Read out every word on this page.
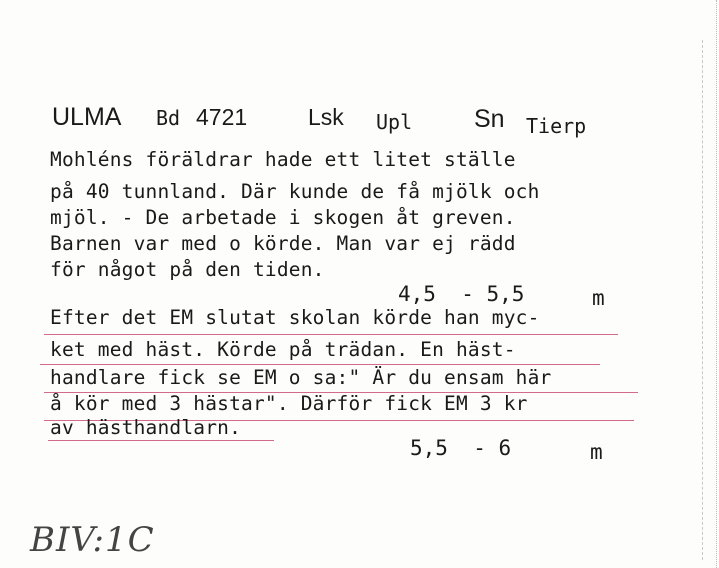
ULMA Bd 4721	Lsk Upl Sn Tierp
Mohléns föräldrar hade ett litet ställe
på 40 tunnland. Där kunde de få mjölk och
mjöl. - De arbetade i skogen åt greven.
Barnen var med o körde. Man var ej rädd
för något på den tiden.
4,5  - 5,5	m
Efter det EM slutat skolan körde han myc-
ket med häst. Körde på trädan. En häst-
handlare fick se EM o sa:" Är du ensam här
å kör med 3 hästar". Därför fick EM 3 kr
av hästhandlarn.
5,5  - 6	m
BIV:1C
